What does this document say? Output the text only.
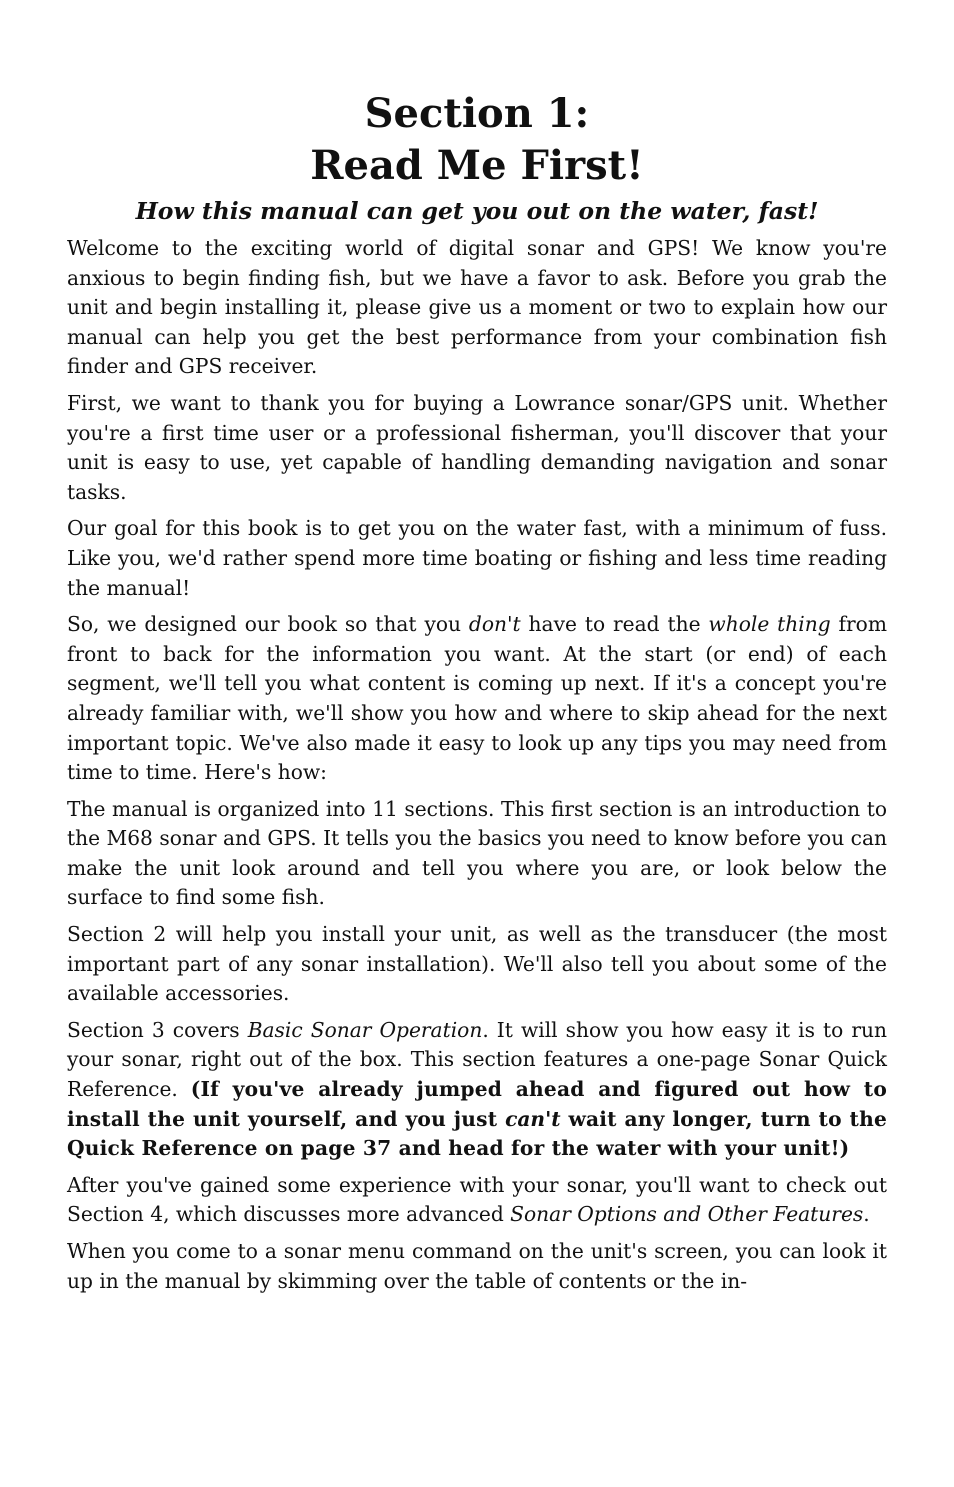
Section 1:
Read Me First!
How this manual can get you out on the water, fast!

Welcome to the exciting world of digital sonar and GPS! We know you're anxious to begin finding fish, but we have a favor to ask. Before you grab the unit and begin installing it, please give us a moment or two to explain how our manual can help you get the best performance from your combination fish finder and GPS receiver.

First, we want to thank you for buying a Lowrance sonar/GPS unit. Whether you're a first time user or a professional fisherman, you'll discover that your unit is easy to use, yet capable of handling demanding navigation and sonar tasks.

Our goal for this book is to get you on the water fast, with a minimum of fuss. Like you, we'd rather spend more time boating or fishing and less time reading the manual!

So, we designed our book so that you don't have to read the whole thing from front to back for the information you want. At the start (or end) of each segment, we'll tell you what content is coming up next. If it's a concept you're already familiar with, we'll show you how and where to skip ahead for the next important topic. We've also made it easy to look up any tips you may need from time to time. Here's how:

The manual is organized into 11 sections. This first section is an introduction to the M68 sonar and GPS. It tells you the basics you need to know before you can make the unit look around and tell you where you are, or look below the surface to find some fish.

Section 2 will help you install your unit, as well as the transducer (the most important part of any sonar installation). We'll also tell you about some of the available accessories.

Section 3 covers Basic Sonar Operation. It will show you how easy it is to run your sonar, right out of the box. This section features a one-page Sonar Quick Reference. (If you've already jumped ahead and figured out how to install the unit yourself, and you just can't wait any longer, turn to the Quick Reference on page 37 and head for the water with your unit!)

After you've gained some experience with your sonar, you'll want to check out Section 4, which discusses more advanced Sonar Options and Other Features.

When you come to a sonar menu command on the unit's screen, you can look it up in the manual by skimming over the table of contents or the in-
